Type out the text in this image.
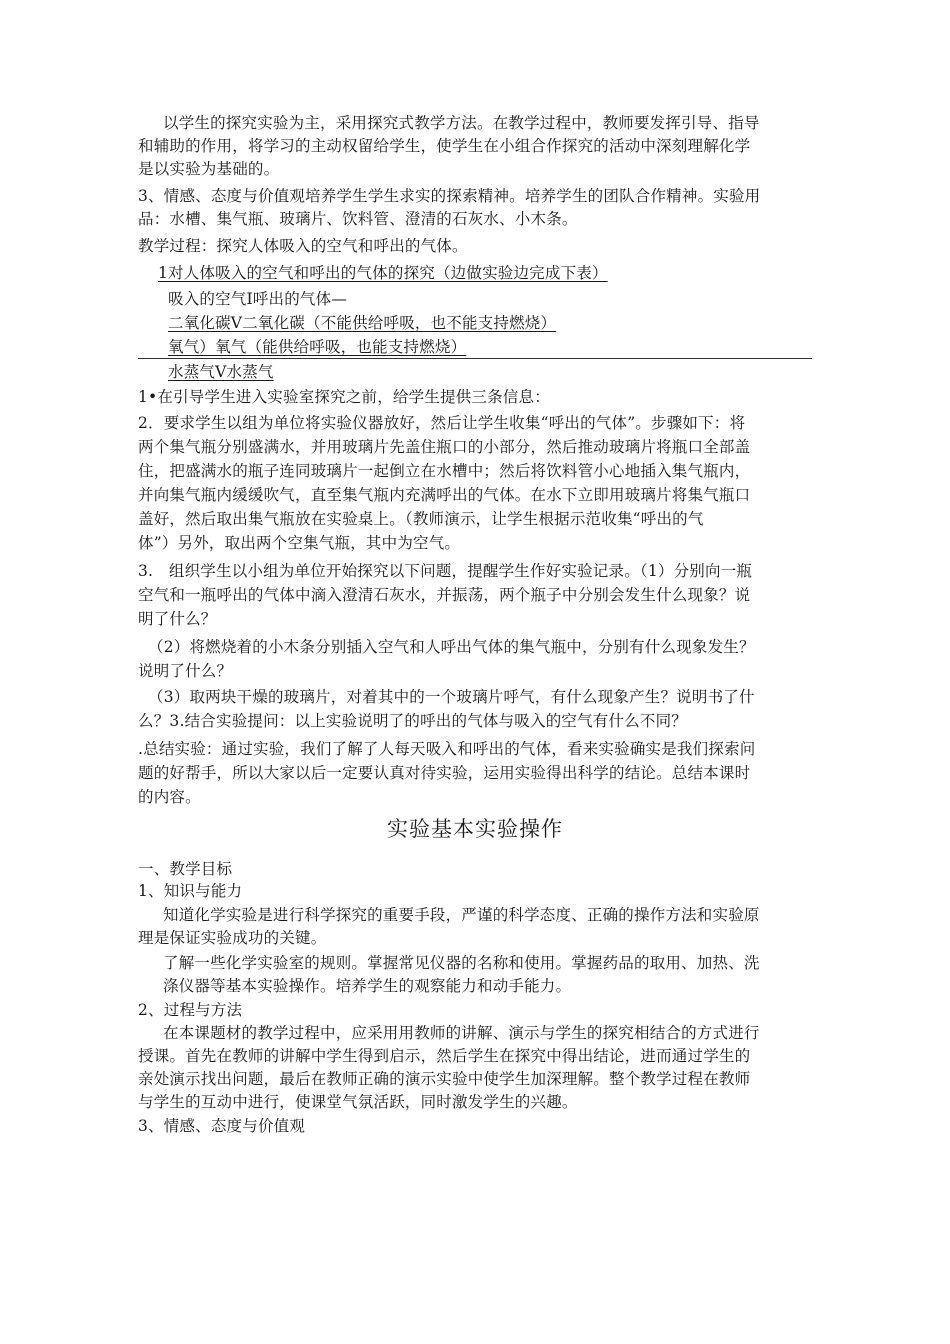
以学生的探究实验为主，采用探究式教学方法。在教学过程中，教师要发挥引导、指导
和辅助的作用，将学习的主动权留给学生，使学生在小组合作探究的活动中深刻理解化学
是以实验为基础的。
3、情感、态度与价值观培养学生学生求实的探索精神。培养学生的团队合作精神。实验用
品：水槽、集气瓶、玻璃片、饮料管、澄清的石灰水、小木条。
教学过程：探究人体吸入的空气和呼出的气体。
1对人体吸入的空气和呼出的气体的探究（边做实验边完成下表）
吸入的空气I呼出的气体—
二氧化碳V二氧化碳（不能供给呼吸，也不能支持燃烧）
氧气）氧气（能供给呼吸，也能支持燃烧）
水蒸气V水蒸气
1•在引导学生进入实验室探究之前，给学生提供三条信息：
2．要求学生以组为单位将实验仪器放好，然后让学生收集“呼出的气体”。步骤如下：将
两个集气瓶分别盛满水，并用玻璃片先盖住瓶口的小部分，然后推动玻璃片将瓶口全部盖
住，把盛满水的瓶子连同玻璃片一起倒立在水槽中；然后将饮料管小心地插入集气瓶内，
并向集气瓶内缓缓吹气，直至集气瓶内充满呼出的气体。在水下立即用玻璃片将集气瓶口
盖好，然后取出集气瓶放在实验桌上。（教师演示，让学生根据示范收集“呼出的气
体”）另外，取出两个空集气瓶，其中为空气。
3.　组织学生以小组为单位开始探究以下问题，提醒学生作好实验记录。（1）分别向一瓶
空气和一瓶呼出的气体中滴入澄清石灰水，并振荡，两个瓶子中分别会发生什么现象？说
明了什么？
（2）将燃烧着的小木条分别插入空气和人呼出气体的集气瓶中，分别有什么现象发生？
说明了什么？
（3）取两块干燥的玻璃片，对着其中的一个玻璃片呼气，有什么现象产生？说明书了什
么？3.结合实验提问：以上实验说明了的呼出的气体与吸入的空气有什么不同？
.总结实验：通过实验，我们了解了人每天吸入和呼出的气体，看来实验确实是我们探索问
题的好帮手，所以大家以后一定要认真对待实验，运用实验得出科学的结论。总结本课时
的内容。
实验基本实验操作
一、教学目标
1、知识与能力
知道化学实验是进行科学探究的重要手段，严谨的科学态度、正确的操作方法和实验原
理是保证实验成功的关键。
了解一些化学实验室的规则。掌握常见仪器的名称和使用。掌握药品的取用、加热、洗
涤仪器等基本实验操作。培养学生的观察能力和动手能力。
2、过程与方法
在本课题材的教学过程中，应采用用教师的讲解、演示与学生的探究相结合的方式进行
授课。首先在教师的讲解中学生得到启示，然后学生在探究中得出结论，进而通过学生的
亲处演示找出问题，最后在教师正确的演示实验中使学生加深理解。整个教学过程在教师
与学生的互动中进行，使课堂气氛活跃，同时激发学生的兴趣。
3、情感、态度与价值观
